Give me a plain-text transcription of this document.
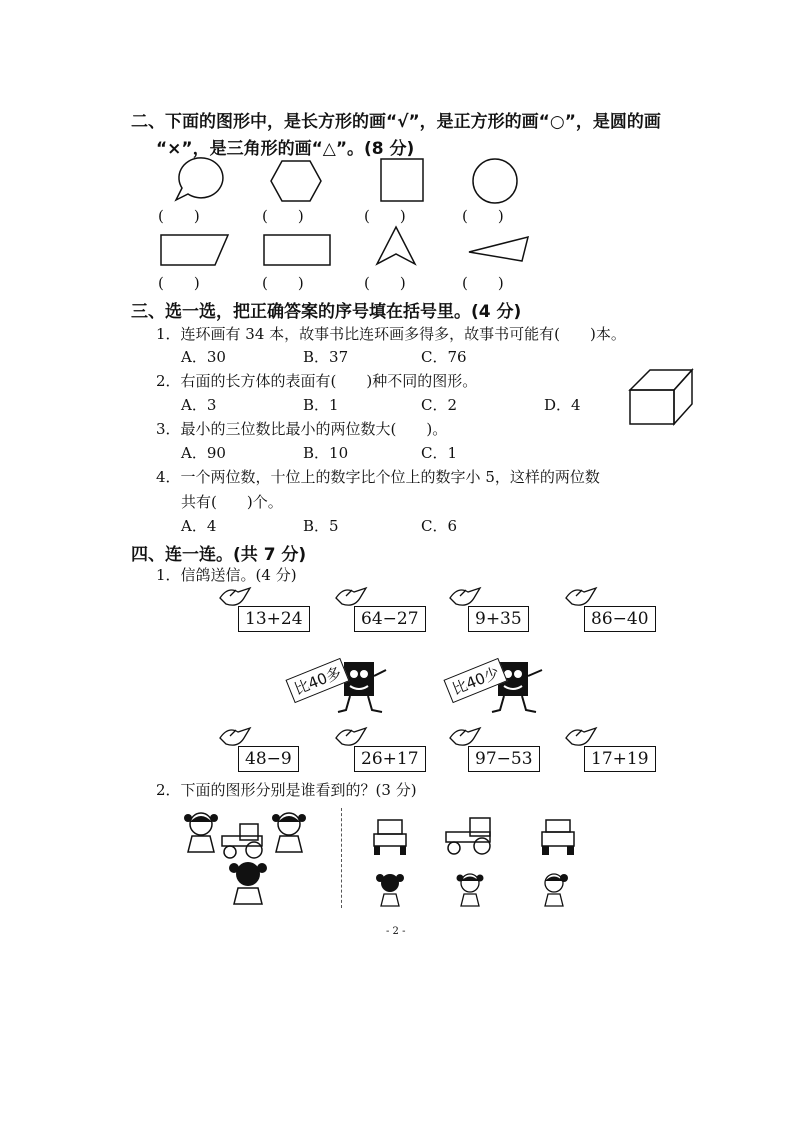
二、下面的图形中，是长方形的画“√”，是正方形的画“○”，是圆的画
“×”，是三角形的画“△”。(8 分)
(　　)	(　　)	(　　)	(　　)
(　　)	(　　)	(　　)	(　　)
三、选一选，把正确答案的序号填在括号里。(4 分)
1．连环画有 34 本，故事书比连环画多得多，故事书可能有(　　)本。
A．30	B．37	C．76
2．右面的长方体的表面有(　　)种不同的图形。
A．3	B．1	C．2	D．4
3．最小的三位数比最小的两位数大(　　)。
A．90	B．10	C．1
4．一个两位数，十位上的数字比个位上的数字小 5，这样的两位数
共有(　　)个。
A．4	B．5	C．6
四、连一连。(共 7 分)
1．信鸽送信。(4 分)
13+24	64−27	9+35	86−40
比40多	比40少
48−9	26+17	97−53	17+19
2．下面的图形分别是谁看到的？(3 分)
- 2 -
